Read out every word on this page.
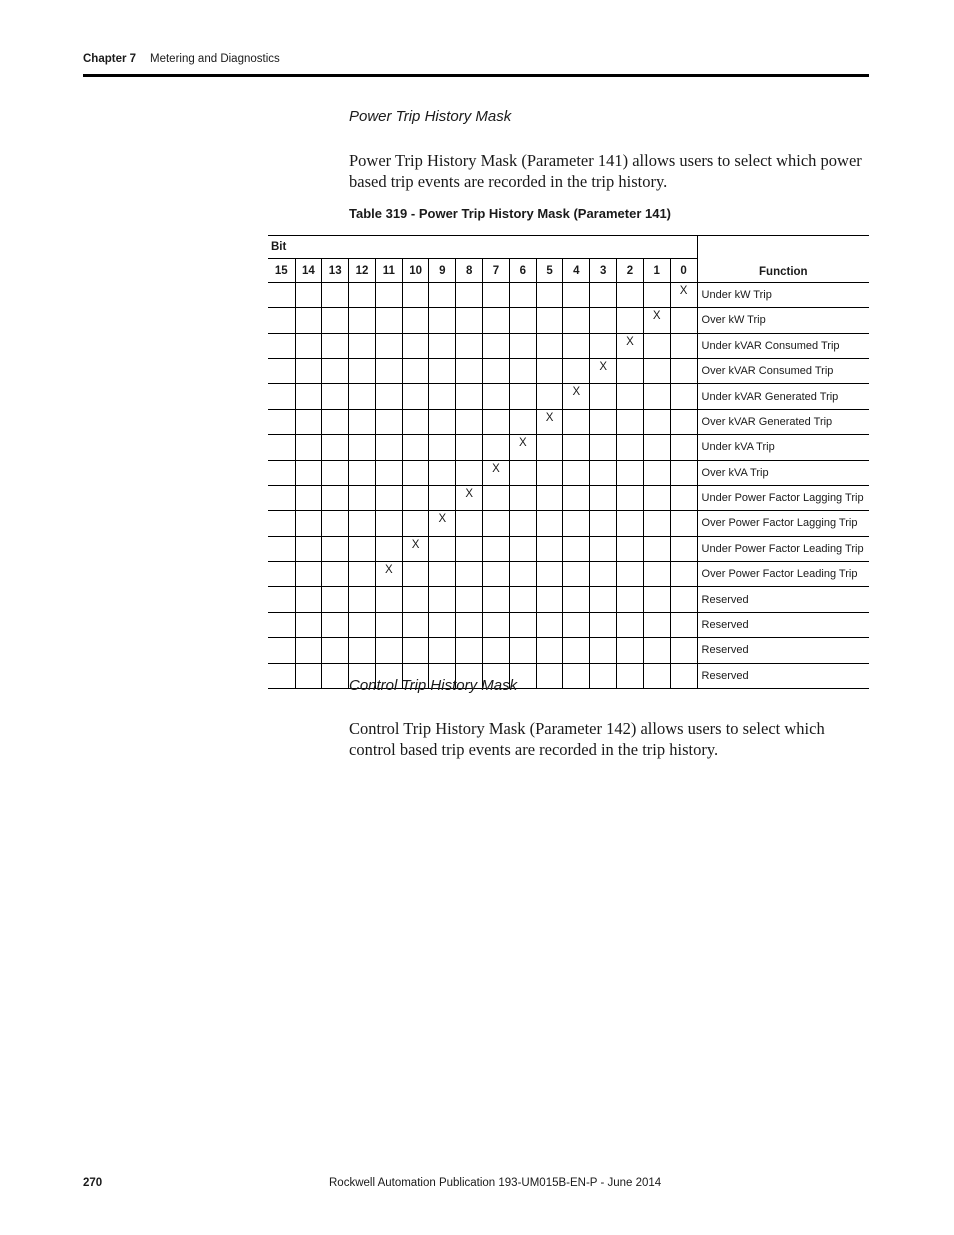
Chapter 7 Metering and Diagnostics
Power Trip History Mask
Power Trip History Mask (Parameter 141) allows users to select which power based trip events are recorded in the trip history.
Table 319 - Power Trip History Mask (Parameter 141)
Bit																Function
15	14	13	12	11	10	9	8	7	6	5	4	3	2	1	0	
															X	Under kW Trip
														X		Over kW Trip
													X			Under kVAR Consumed Trip
												X				Over kVAR Consumed Trip
											X					Under kVAR Generated Trip
										X						Over kVAR Generated Trip
									X							Under kVA Trip
								X								Over kVA Trip
							X									Under Power Factor Lagging Trip
						X										Over Power Factor Lagging Trip
					X											Under Power Factor Leading Trip
				X												Over Power Factor Leading Trip
																Reserved
																Reserved
																Reserved
																Reserved
Control Trip History Mask
Control Trip History Mask (Parameter 142) allows users to select which control based trip events are recorded in the trip history.
270	Rockwell Automation Publication 193-UM015B-EN-P - June 2014
